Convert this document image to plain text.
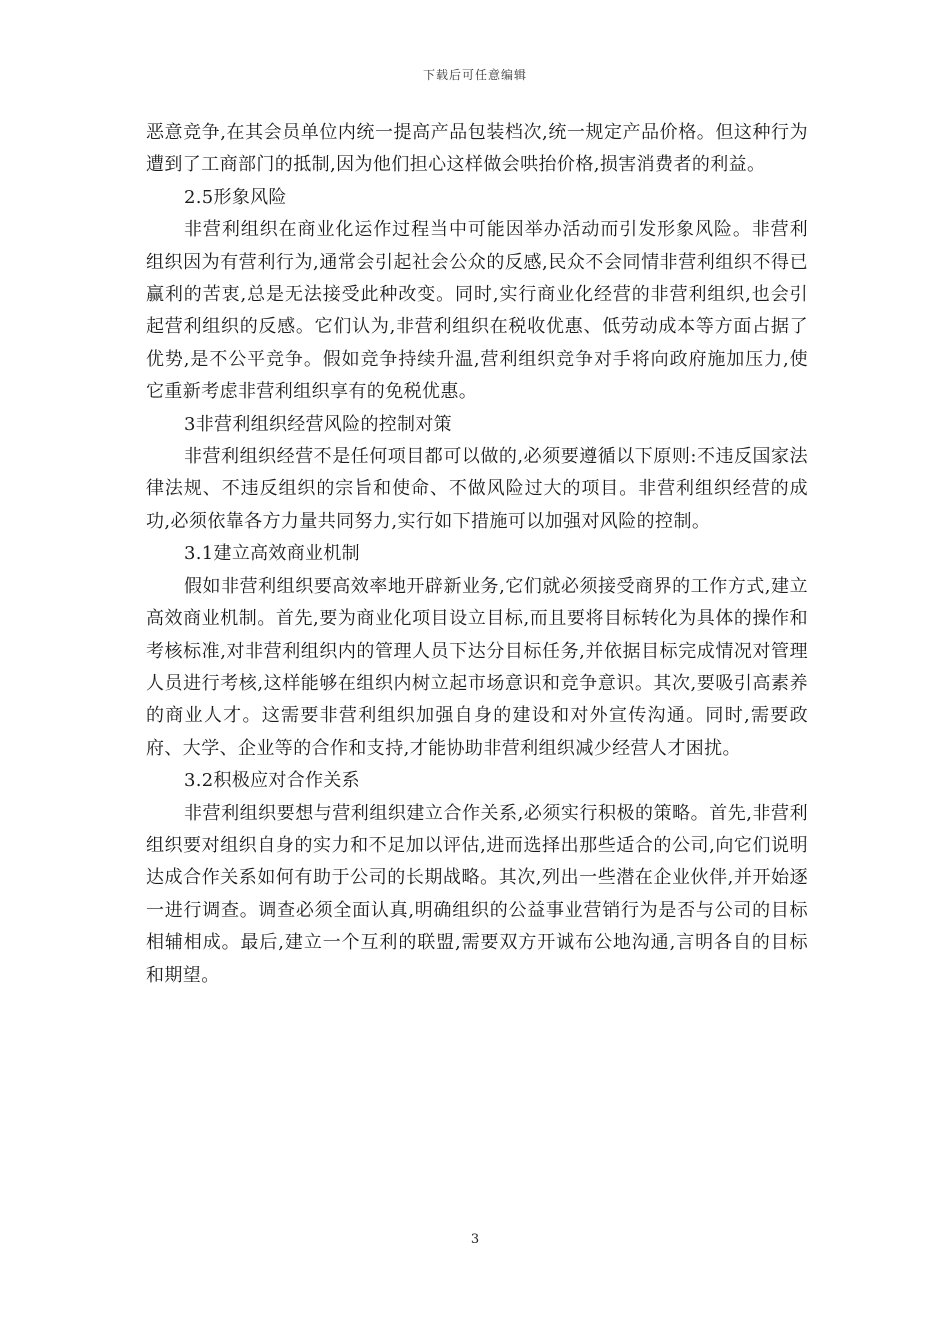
下载后可任意编辑

恶意竞争,在其会员单位内统一提高产品包装档次,统一规定产品价格。但这种行为遭到了工商部门的抵制,因为他们担心这样做会哄抬价格,损害消费者的利益。

2.5形象风险

非营利组织在商业化运作过程当中可能因举办活动而引发形象风险。非营利组织因为有营利行为,通常会引起社会公众的反感,民众不会同情非营利组织不得已赢利的苦衷,总是无法接受此种改变。同时,实行商业化经营的非营利组织,也会引起营利组织的反感。它们认为,非营利组织在税收优惠、低劳动成本等方面占据了优势,是不公平竞争。假如竞争持续升温,营利组织竞争对手将向政府施加压力,使它重新考虑非营利组织享有的免税优惠。

3非营利组织经营风险的控制对策

非营利组织经营不是任何项目都可以做的,必须要遵循以下原则:不违反国家法律法规、不违反组织的宗旨和使命、不做风险过大的项目。非营利组织经营的成功,必须依靠各方力量共同努力,实行如下措施可以加强对风险的控制。

3.1建立高效商业机制

假如非营利组织要高效率地开辟新业务,它们就必须接受商界的工作方式,建立高效商业机制。首先,要为商业化项目设立目标,而且要将目标转化为具体的操作和考核标准,对非营利组织内的管理人员下达分目标任务,并依据目标完成情况对管理人员进行考核,这样能够在组织内树立起市场意识和竞争意识。其次,要吸引高素养的商业人才。这需要非营利组织加强自身的建设和对外宣传沟通。同时,需要政府、大学、企业等的合作和支持,才能协助非营利组织减少经营人才困扰。

3.2积极应对合作关系

非营利组织要想与营利组织建立合作关系,必须实行积极的策略。首先,非营利组织要对组织自身的实力和不足加以评估,进而选择出那些适合的公司,向它们说明达成合作关系如何有助于公司的长期战略。其次,列出一些潜在企业伙伴,并开始逐一进行调查。调查必须全面认真,明确组织的公益事业营销行为是否与公司的目标相辅相成。最后,建立一个互利的联盟,需要双方开诚布公地沟通,言明各自的目标和期望。

3
